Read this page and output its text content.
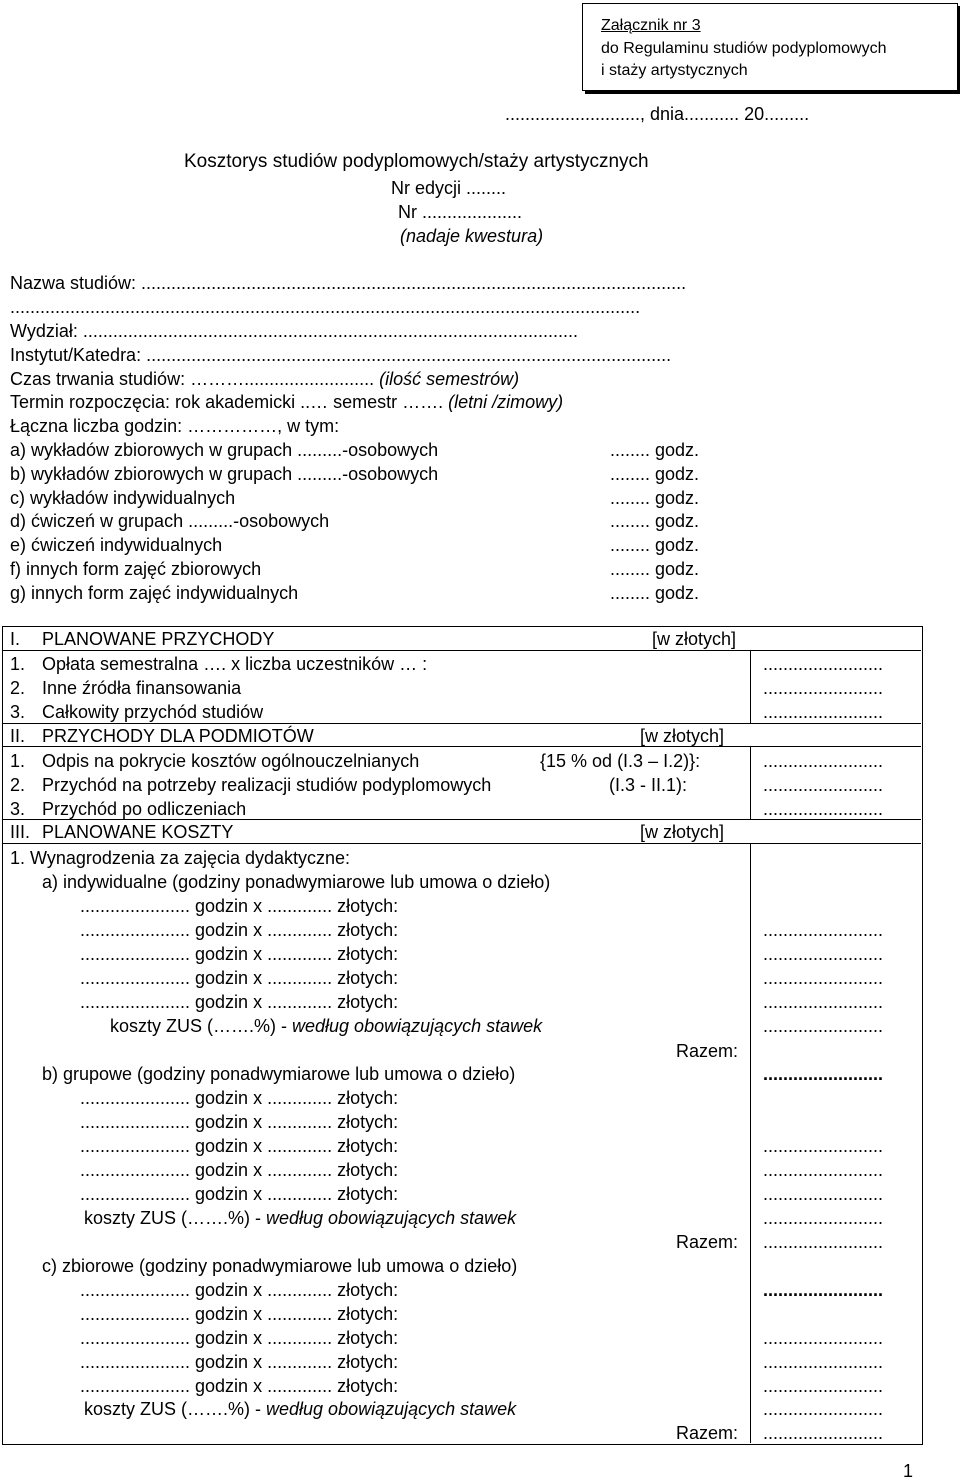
Załącznik nr 3
do Regulaminu studiów podyplomowych
i staży artystycznych
..........................., dnia........... 20.........
Kosztorys studiów podyplomowych/staży artystycznych
Nr edycji ........
Nr ....................
(nadaje kwestura)
Nazwa studiów: .............................................................................................................
..............................................................................................................................
Wydział: ...................................................................................................
Instytut/Katedra: .........................................................................................................
Czas trwania studiów: ……….......................... (ilość semestrów)
Termin rozpoczęcia: rok akademicki ..… semestr ……. (letni /zimowy)
Łączna liczba godzin: ……………, w tym:
a) wykładów zbiorowych w grupach .........-osobowych	........ godz.
b) wykładów zbiorowych w grupach .........-osobowych	........ godz.
c) wykładów indywidualnych	........ godz.
d) ćwiczeń w grupach .........-osobowych	........ godz.
e) ćwiczeń indywidualnych	........ godz.
f) innych form zajęć zbiorowych	........ godz.
g) innych form zajęć indywidualnych	........ godz.
I. PLANOWANE PRZYCHODY	[w złotych]
1. Opłata semestralna …. x liczba uczestników … :	........................
2. Inne źródła finansowania	........................
3. Całkowity przychód studiów	........................
II. PRZYCHODY DLA PODMIOTÓW	[w złotych]
1. Odpis na pokrycie kosztów ogólnouczelnianych	{15 % od (I.3 – I.2)}:	........................
2. Przychód na potrzeby realizacji studiów podyplomowych	(I.3 - II.1):	........................
3. Przychód po odliczeniach	........................
III. PLANOWANE KOSZTY	[w złotych]
1. Wynagrodzenia za zajęcia dydaktyczne:
a) indywidualne (godziny ponadwymiarowe lub umowa o dzieło)
...................... godzin x ............. złotych:
...................... godzin x ............. złotych:	........................
...................... godzin x ............. złotych:	........................
...................... godzin x ............. złotych:	........................
...................... godzin x ............. złotych:	........................
koszty ZUS (…….%) - według obowiązujących stawek	........................
Razem:
b) grupowe (godziny ponadwymiarowe lub umowa o dzieło)	........................
...................... godzin x ............. złotych:
...................... godzin x ............. złotych:
...................... godzin x ............. złotych:	........................
...................... godzin x ............. złotych:	........................
...................... godzin x ............. złotych:	........................
koszty ZUS (…….%) - według obowiązujących stawek	........................
Razem: ........................
c) zbiorowe (godziny ponadwymiarowe lub umowa o dzieło)
...................... godzin x ............. złotych:	........................
...................... godzin x ............. złotych:
...................... godzin x ............. złotych:	........................
...................... godzin x ............. złotych:	........................
...................... godzin x ............. złotych:	........................
koszty ZUS (…….%) - według obowiązujących stawek	........................
Razem: ........................
1
